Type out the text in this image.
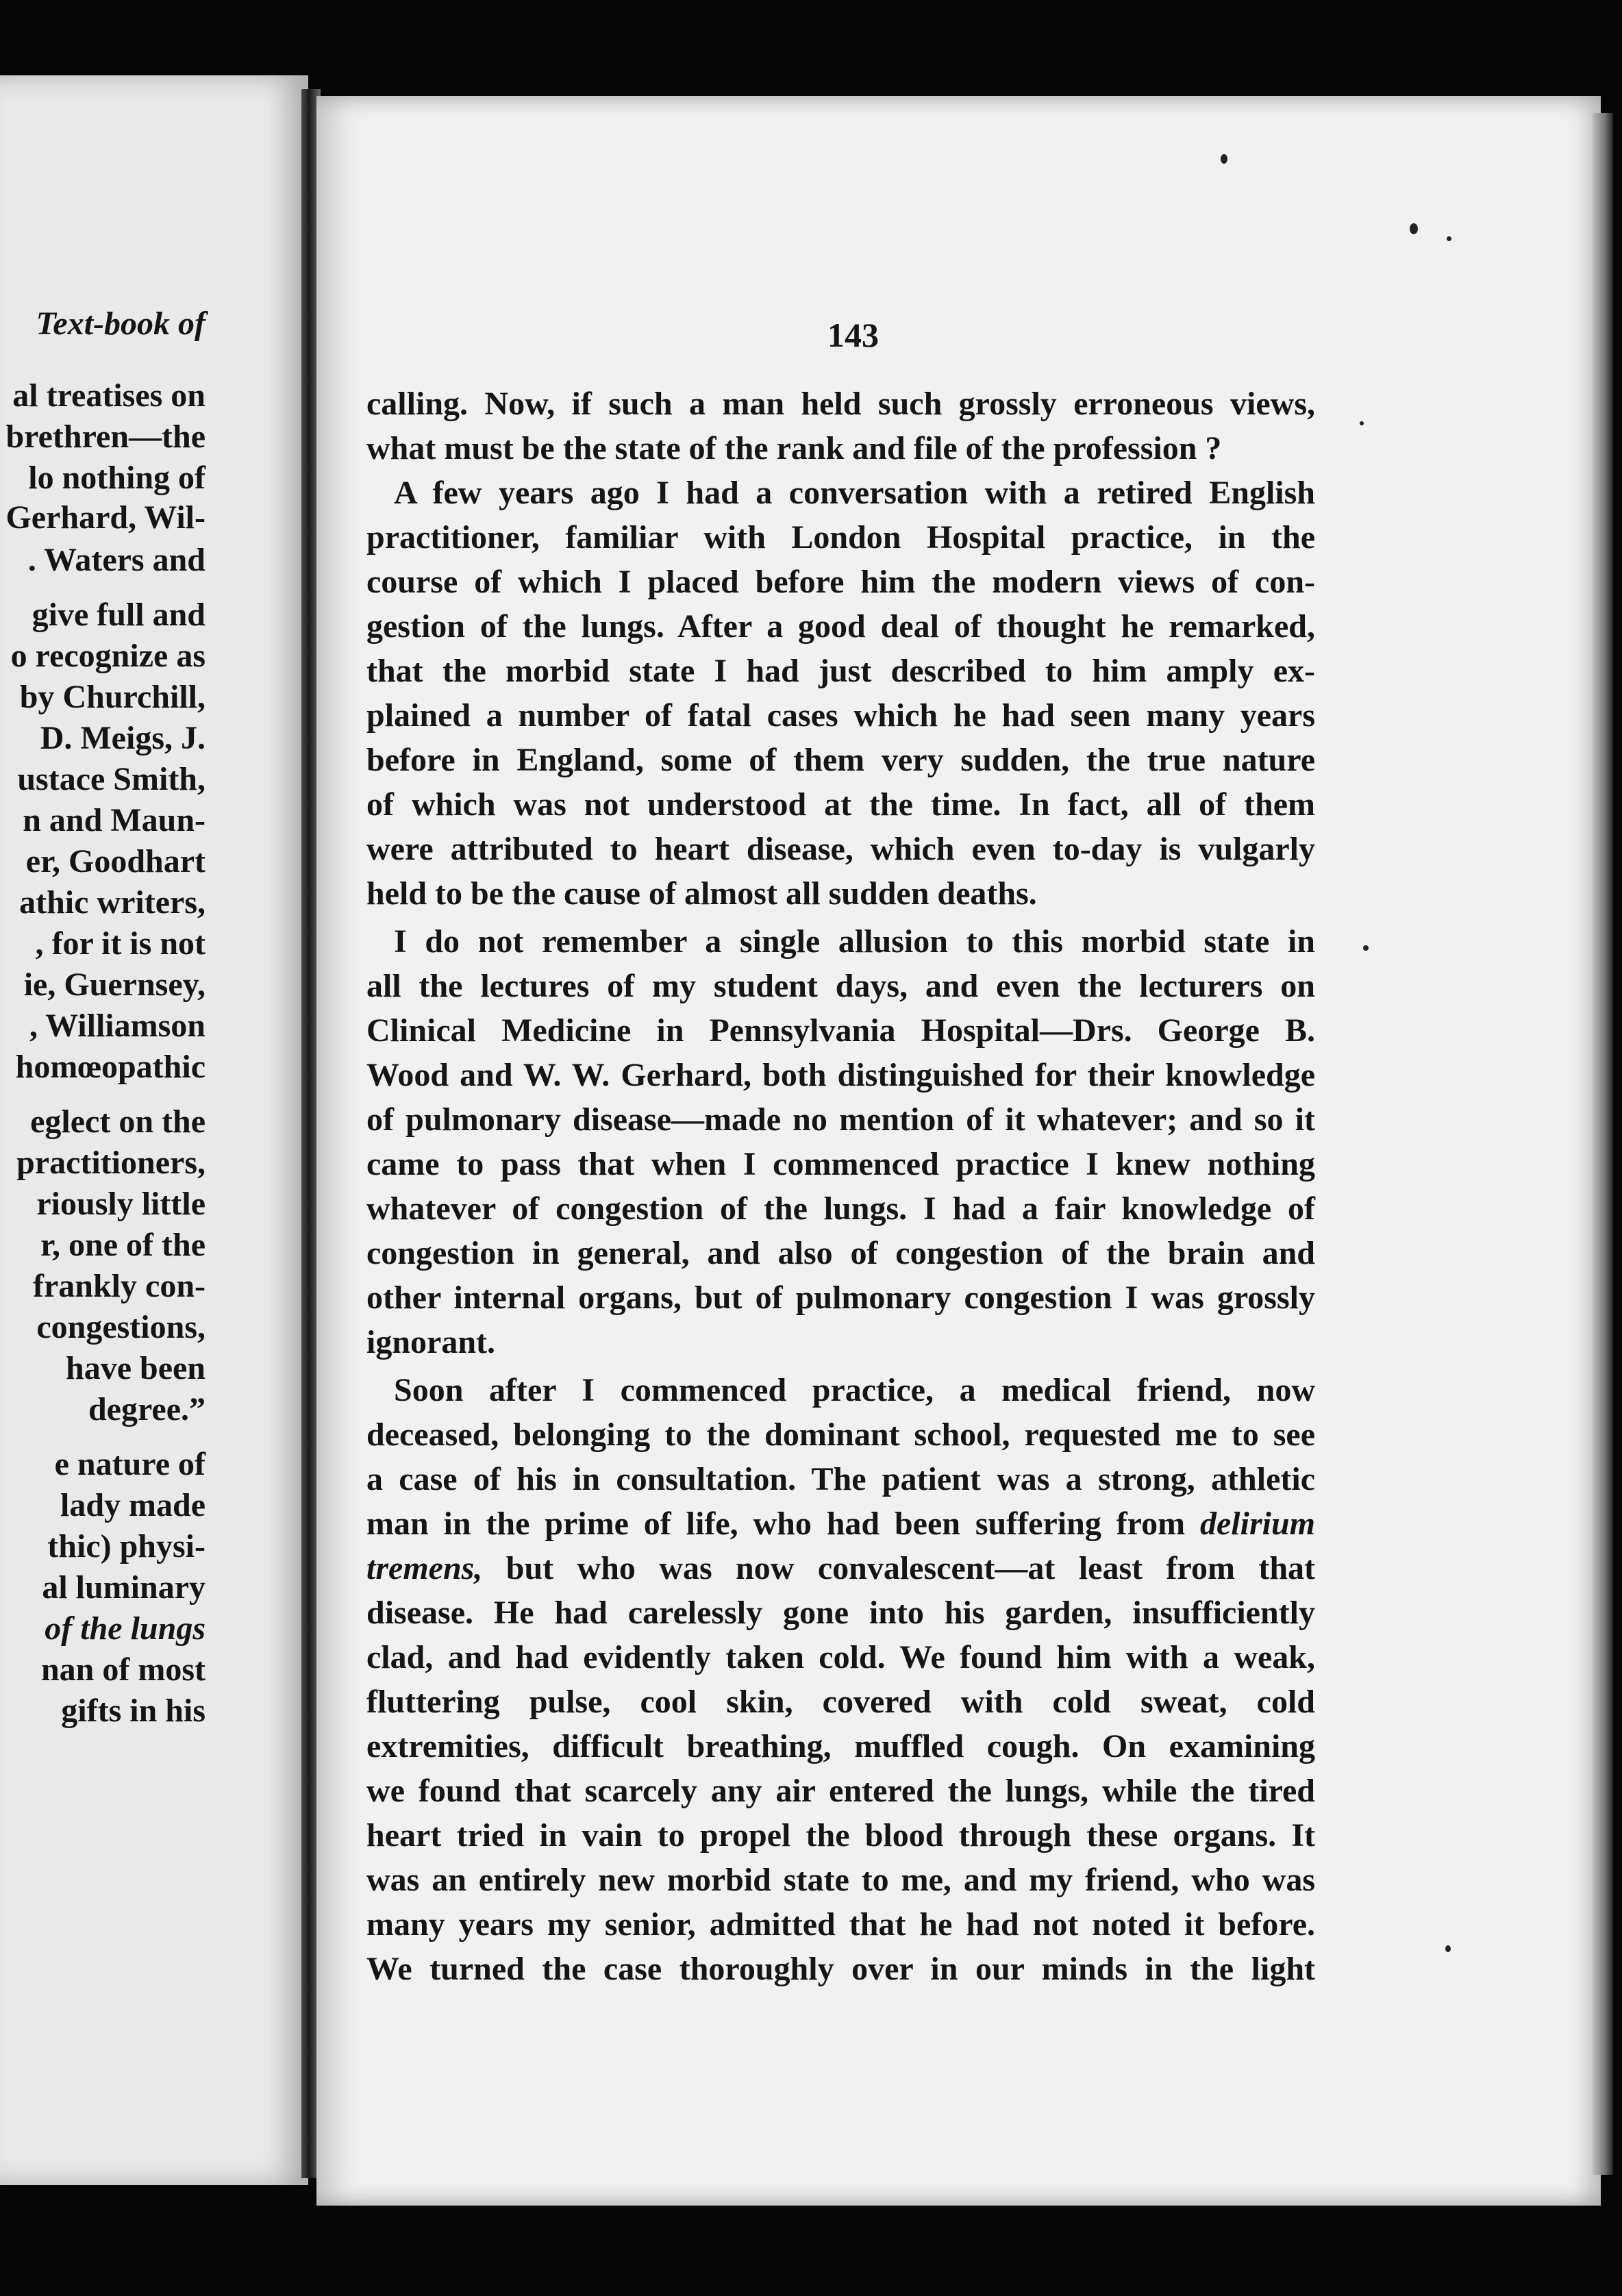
Text-book of
al treatises on
brethren—the
lo nothing of
Gerhard, Wil-
. Waters and
give full and
o recognize as
by Churchill,
D. Meigs, J.
ustace Smith,
n and Maun-
er, Goodhart
athic writers,
, for it is not
ie, Guernsey,
, Williamson
homœopathic
eglect on the
practitioners,
riously little
r, one of the
frankly con-
congestions,
have been
degree.”
e nature of
lady made
thic) physi-
al luminary
of the lungs
nan of most
gifts in his
143
calling. Now, if such a man held such grossly erroneous views,
what must be the state of the rank and file of the profession ?
A few years ago I had a conversation with a retired English
practitioner, familiar with London Hospital practice, in the
course of which I placed before him the modern views of con-
gestion of the lungs. After a good deal of thought he remarked,
that the morbid state I had just described to him amply ex-
plained a number of fatal cases which he had seen many years
before in England, some of them very sudden, the true nature
of which was not understood at the time. In fact, all of them
were attributed to heart disease, which even to-day is vulgarly
held to be the cause of almost all sudden deaths.
I do not remember a single allusion to this morbid state in
all the lectures of my student days, and even the lecturers on
Clinical Medicine in Pennsylvania Hospital—Drs. George B.
Wood and W. W. Gerhard, both distinguished for their knowledge
of pulmonary disease—made no mention of it whatever; and so it
came to pass that when I commenced practice I knew nothing
whatever of congestion of the lungs. I had a fair knowledge of
congestion in general, and also of congestion of the brain and
other internal organs, but of pulmonary congestion I was grossly
ignorant.
Soon after I commenced practice, a medical friend, now
deceased, belonging to the dominant school, requested me to see
a case of his in consultation. The patient was a strong, athletic
man in the prime of life, who had been suffering from delirium
tremens, but who was now convalescent—at least from that
disease. He had carelessly gone into his garden, insufficiently
clad, and had evidently taken cold. We found him with a weak,
fluttering pulse, cool skin, covered with cold sweat, cold
extremities, difficult breathing, muffled cough. On examining
we found that scarcely any air entered the lungs, while the tired
heart tried in vain to propel the blood through these organs. It
was an entirely new morbid state to me, and my friend, who was
many years my senior, admitted that he had not noted it before.
We turned the case thoroughly over in our minds in the light
